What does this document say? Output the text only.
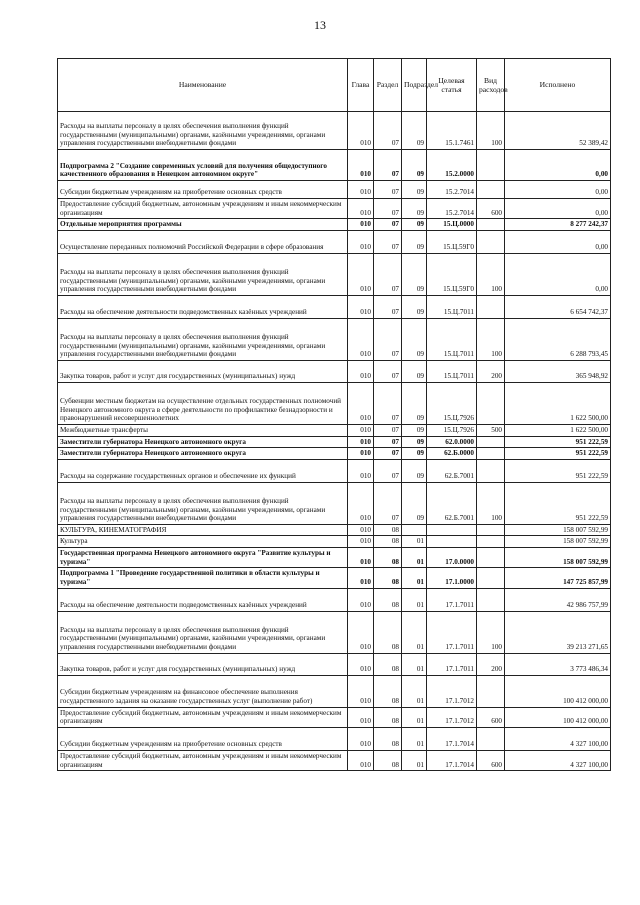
13
Наименование	Глава	Раздел	Подраздел	Целевая статья	Вид расходов	Исполнено
Расходы на выплаты персоналу в целях обеспечения выполнения функций государственными (муниципальными) органами, казёнными учреждениями, органами управления государственными внебюджетными фондами	010	07	09	15.1.7461	100	52 389,42
Подпрограмма 2 "Создание современных условий для получения общедоступного качественного образования в Ненецком автономном округе"	010	07	09	15.2.0000		0,00
Субсидии бюджетным учреждениям на приобретение основных средств	010	07	09	15.2.7014		0,00
Предоставление субсидий бюджетным, автономным учреждениям и иным некоммерческим организациям	010	07	09	15.2.7014	600	0,00
Отдельные мероприятия программы	010	07	09	15.Ц.0000		8 277 242,37
Осуществление переданных полномочий Российской Федерации в сфере образования	010	07	09	15.Ц.59Г0		0,00
Расходы на выплаты персоналу в целях обеспечения выполнения функций государственными (муниципальными) органами, казёнными учреждениями, органами управления государственными внебюджетными фондами	010	07	09	15.Ц.59Г0	100	0,00
Расходы на обеспечение деятельности подведомственных казённых учреждений	010	07	09	15.Ц.7011		6 654 742,37
Расходы на выплаты персоналу в целях обеспечения выполнения функций государственными (муниципальными) органами, казёнными учреждениями, органами управления государственными внебюджетными фондами	010	07	09	15.Ц.7011	100	6 288 793,45
Закупка товаров, работ и услуг для государственных (муниципальных) нужд	010	07	09	15.Ц.7011	200	365 948,92
Субвенции местным бюджетам на осуществление отдельных государственных полномочий Ненецкого автономного округа в сфере деятельности по профилактике безнадзорности и правонарушений несовершеннолетних	010	07	09	15.Ц.7926		1 622 500,00
Межбюджетные трансферты	010	07	09	15.Ц.7926	500	1 622 500,00
Заместители губернатора Ненецкого автономного округа	010	07	09	62.0.0000		951 222,59
Заместители губернатора Ненецкого автономного округа	010	07	09	62.Б.0000		951 222,59
Расходы на содержание государственных органов и обеспечение их функций	010	07	09	62.Б.7001		951 222,59
Расходы на выплаты персоналу в целях обеспечения выполнения функций государственными (муниципальными) органами, казёнными учреждениями, органами управления государственными внебюджетными фондами	010	07	09	62.Б.7001	100	951 222,59
КУЛЬТУРА, КИНЕМАТОГРАФИЯ	010	08				158 007 592,99
Культура	010	08	01			158 007 592,99
Государственная программа Ненецкого автономного округа "Развитие культуры и туризма"	010	08	01	17.0.0000		158 007 592,99
Подпрограмма 1 "Проведение государственной политики в области культуры и туризма"	010	08	01	17.1.0000		147 725 857,99
Расходы на обеспечение деятельности подведомственных казённых учреждений	010	08	01	17.1.7011		42 986 757,99
Расходы на выплаты персоналу в целях обеспечения выполнения функций государственными (муниципальными) органами, казёнными учреждениями, органами управления государственными внебюджетными фондами	010	08	01	17.1.7011	100	39 213 271,65
Закупка товаров, работ и услуг для государственных (муниципальных) нужд	010	08	01	17.1.7011	200	3 773 486,34
Субсидии бюджетным учреждениям на финансовое обеспечение выполнения государственного задания на оказание государственных услуг (выполнение работ)	010	08	01	17.1.7012		100 412 000,00
Предоставление субсидий бюджетным, автономным учреждениям и иным некоммерческим организациям	010	08	01	17.1.7012	600	100 412 000,00
Субсидии бюджетным учреждениям на приобретение основных средств	010	08	01	17.1.7014		4 327 100,00
Предоставление субсидий бюджетным, автономным учреждениям и иным некоммерческим организациям	010	08	01	17.1.7014	600	4 327 100,00
